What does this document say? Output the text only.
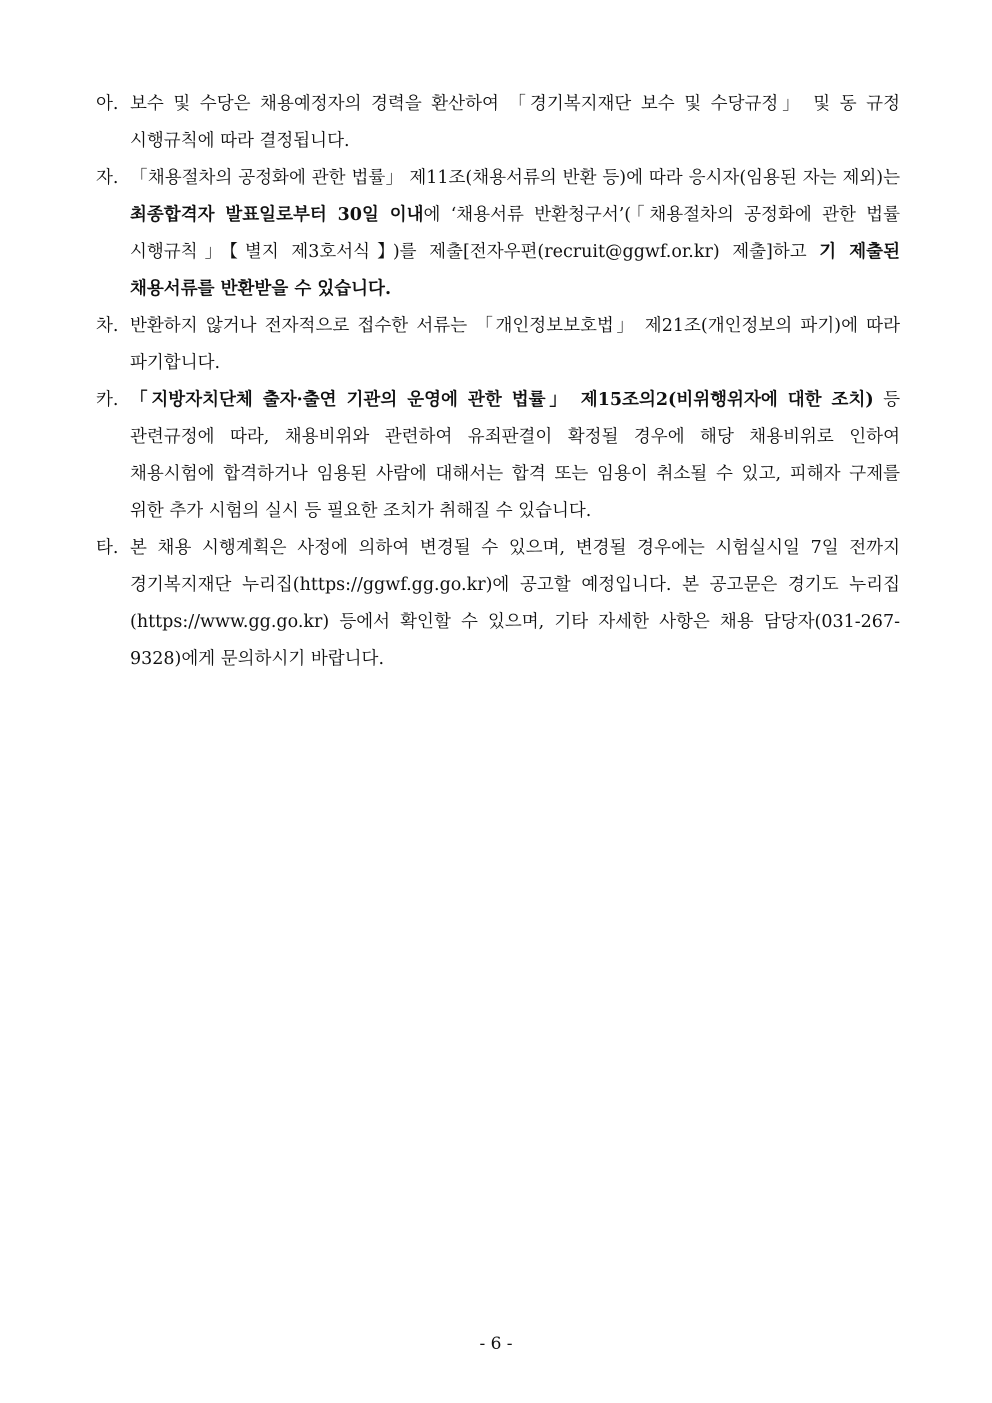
아. 보수 및 수당은 채용예정자의 경력을 환산하여 「경기복지재단 보수 및 수당규정」 및 동 규정 시행규칙에 따라 결정됩니다.
자. 「채용절차의 공정화에 관한 법률」 제11조(채용서류의 반환 등)에 따라 응시자(임용된 자는 제외)는 최종합격자 발표일로부터 30일 이내에 ‘채용서류 반환청구서’(「채용절차의 공정화에 관한 법률 시행규칙」【별지 제3호서식】)를 제출[전자우편(recruit@ggwf.or.kr) 제출]하고 기 제출된 채용서류를 반환받을 수 있습니다.
차. 반환하지 않거나 전자적으로 접수한 서류는 「개인정보보호법」 제21조(개인정보의 파기)에 따라 파기합니다.
카. 「지방자치단체 출자·출연 기관의 운영에 관한 법률」 제15조의2(비위행위자에 대한 조치) 등 관련규정에 따라, 채용비위와 관련하여 유죄판결이 확정될 경우에 해당 채용비위로 인하여 채용시험에 합격하거나 임용된 사람에 대해서는 합격 또는 임용이 취소될 수 있고, 피해자 구제를 위한 추가 시험의 실시 등 필요한 조치가 취해질 수 있습니다.
타. 본 채용 시행계획은 사정에 의하여 변경될 수 있으며, 변경될 경우에는 시험실시일 7일 전까지 경기복지재단 누리집(https://ggwf.gg.go.kr)에 공고할 예정입니다. 본 공고문은 경기도 누리집(https://www.gg.go.kr) 등에서 확인할 수 있으며, 기타 자세한 사항은 채용 담당자(031-267-9328)에게 문의하시기 바랍니다.
- 6 -
